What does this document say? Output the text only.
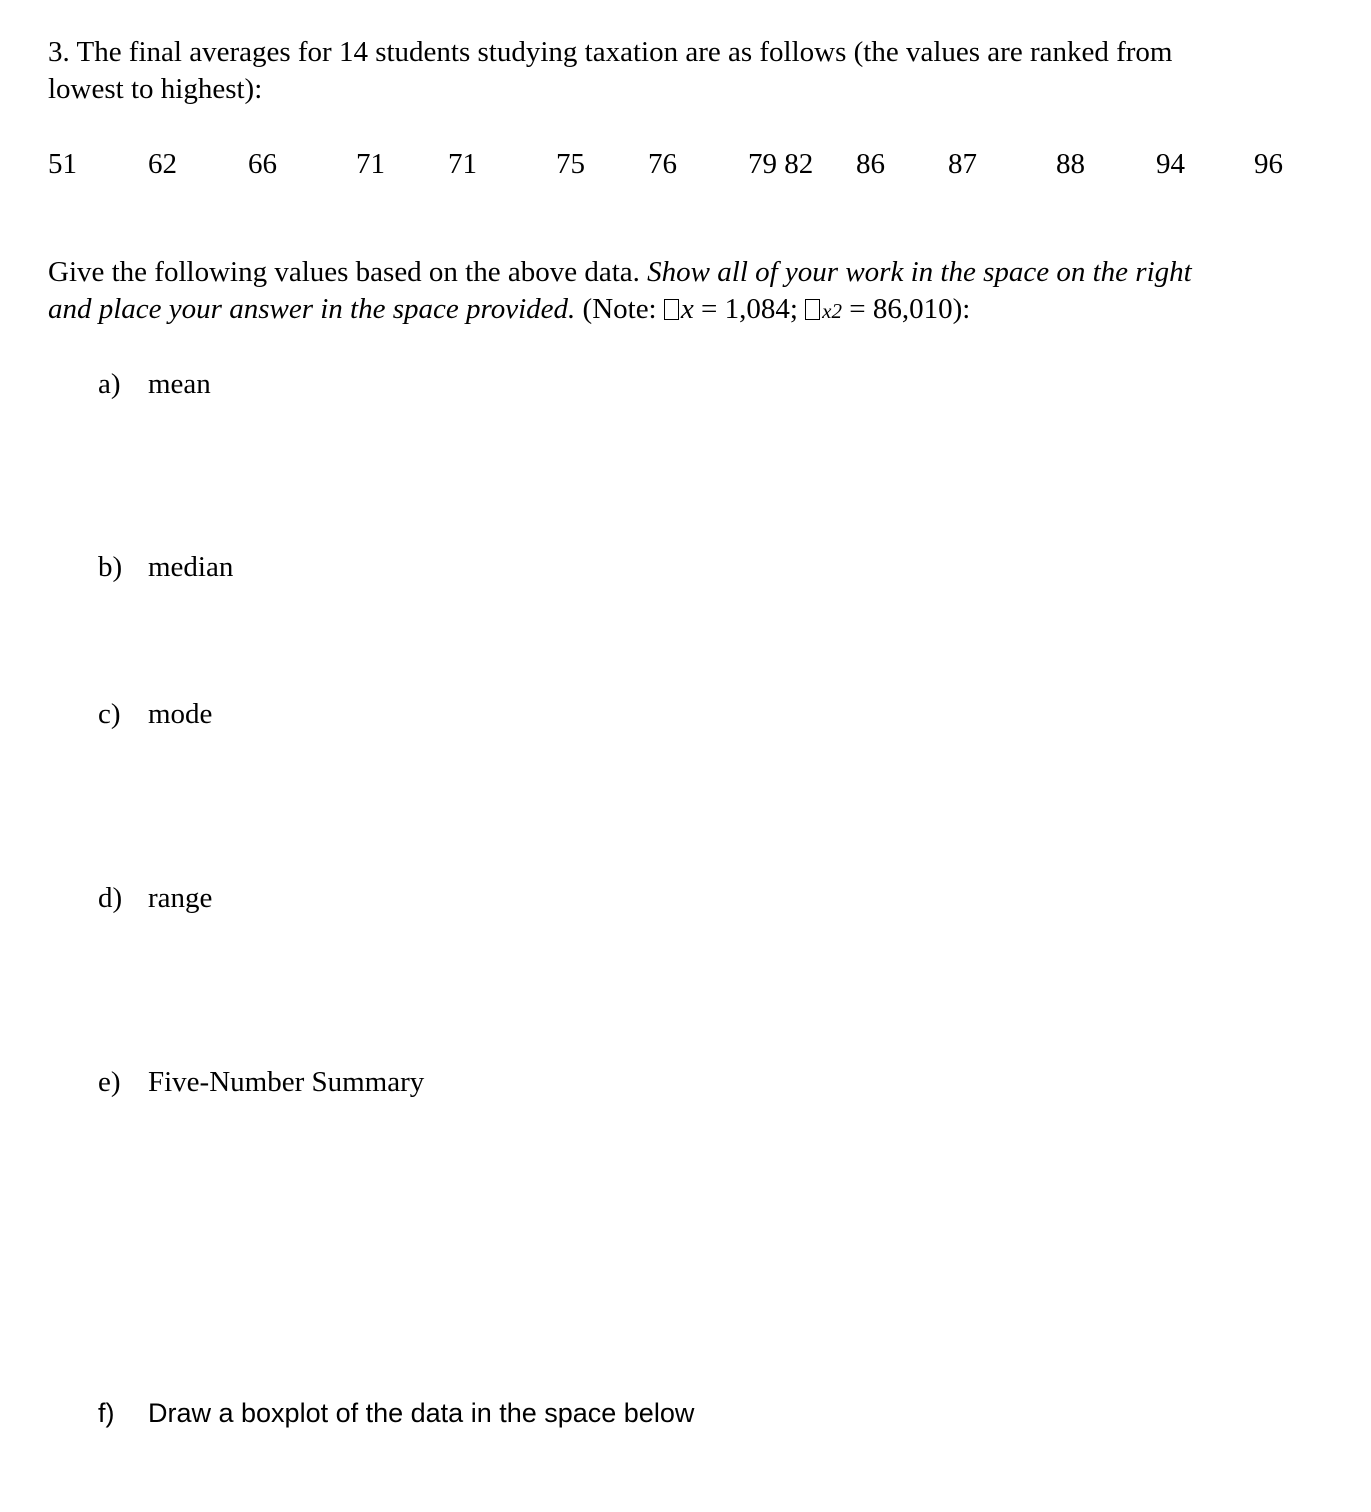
3. The final averages for 14 students studying taxation are as follows (the values are ranked from
lowest to highest):
51 62 66	71 71	75 76 79 82 86 87	88 94 96
Give the following values based on the above data. Show all of your work in the space on the right
and place your answer in the space provided. (Note: x = 1,084; x2 = 86,010):
a) mean
b) median
c) mode
d) range
e) Five-Number Summary
f) Draw a boxplot of the data in the space below
